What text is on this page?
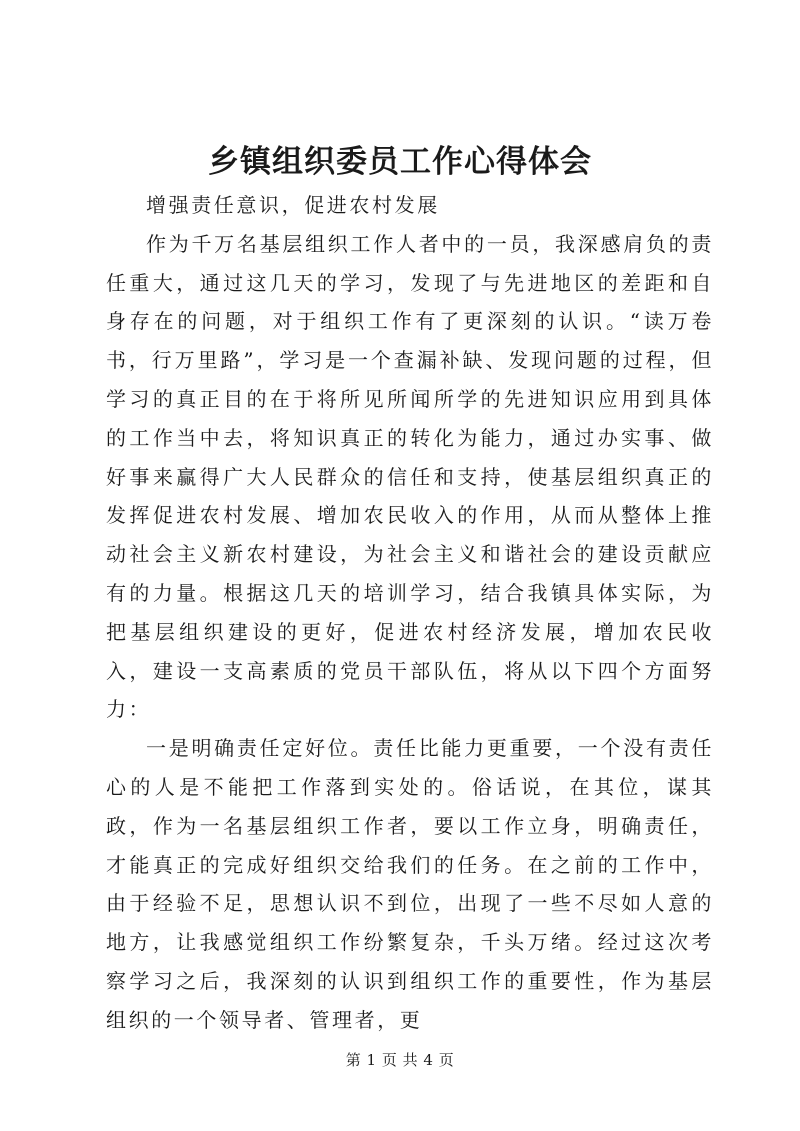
乡镇组织委员工作心得体会

增强责任意识，促进农村发展

作为千万名基层组织工作人者中的一员，我深感肩负的责任重大，通过这几天的学习，发现了与先进地区的差距和自身存在的问题，对于组织工作有了更深刻的认识。“读万卷书，行万里路”，学习是一个查漏补缺、发现问题的过程，但学习的真正目的在于将所见所闻所学的先进知识应用到具体的工作当中去，将知识真正的转化为能力，通过办实事、做好事来赢得广大人民群众的信任和支持，使基层组织真正的发挥促进农村发展、增加农民收入的作用，从而从整体上推动社会主义新农村建设，为社会主义和谐社会的建设贡献应有的力量。根据这几天的培训学习，结合我镇具体实际，为把基层组织建设的更好，促进农村经济发展，增加农民收入，建设一支高素质的党员干部队伍，将从以下四个方面努力：

一是明确责任定好位。责任比能力更重要，一个没有责任心的人是不能把工作落到实处的。俗话说，在其位，谋其政，作为一名基层组织工作者，要以工作立身，明确责任，才能真正的完成好组织交给我们的任务。在之前的工作中，由于经验不足，思想认识不到位，出现了一些不尽如人意的地方，让我感觉组织工作纷繁复杂，千头万绪。经过这次考察学习之后，我深刻的认识到组织工作的重要性，作为基层组织的一个领导者、管理者，更

第 1 页 共 4 页
